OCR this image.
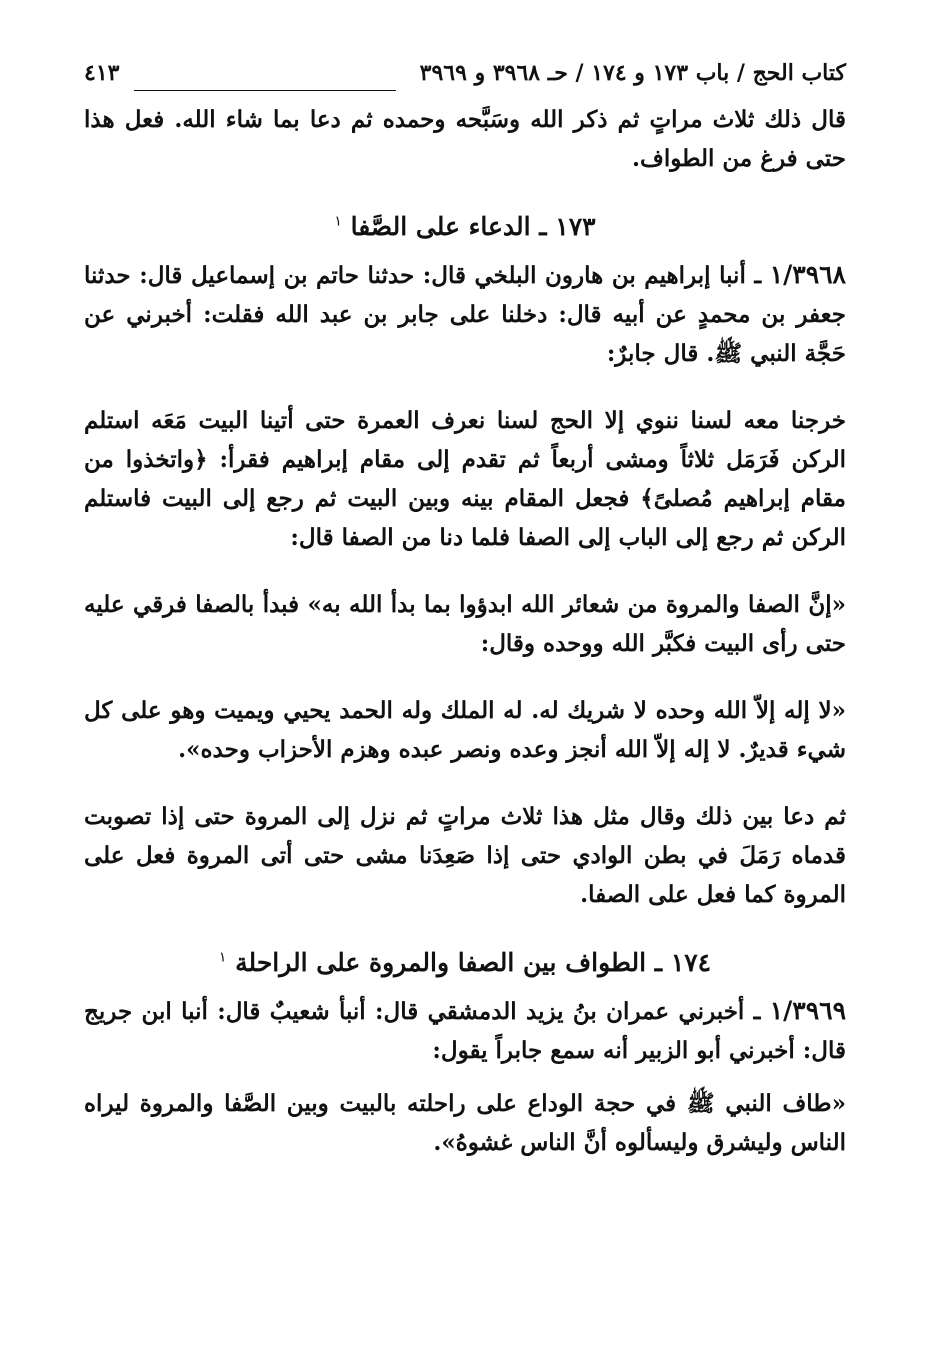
كتاب الحج / باب ١٧٣ و ١٧٤ / حـ ٣٩٦٨ و ٣٩٦٩
٤١٣

قال ذلك ثلاث مراتٍ ثم ذكر الله وسَبَّحه وحمده ثم دعا بما شاء الله. فعل هذا حتى فرغ من الطواف.

١٧٣ ـ الدعاء على الصَّفا $^١$

١/٣٩٦٨ ـ أنبا إبراهيم بن هارون البلخي قال: حدثنا حاتم بن إسماعيل قال: حدثنا جعفر بن محمدٍ عن أبيه قال: دخلنا على جابر بن عبد الله فقلت: أخبرني عن حَجَّة النبي ﷺ. قال جابرٌ:

خرجنا معه لسنا ننوي إلا الحج لسنا نعرف العمرة حتى أتينا البيت مَعَه استلم الركن فَرَمَل ثلاثاً ومشى أربعاً ثم تقدم إلى مقام إبراهيم فقرأ: ﴿واتخذوا من مقام إبراهيم مُصلىً﴾ فجعل المقام بينه وبين البيت ثم رجع إلى البيت فاستلم الركن ثم رجع إلى الباب إلى الصفا فلما دنا من الصفا قال:

«إنَّ الصفا والمروة من شعائر الله ابدؤوا بما بدأ الله به» فبدأ بالصفا فرقي عليه حتى رأى البيت فكبَّر الله ووحده وقال:

«لا إله إلاّ الله وحده لا شريك له. له الملك وله الحمد يحيي ويميت وهو على كل شيء قديرٌ. لا إله إلاّ الله أنجز وعده ونصر عبده وهزم الأحزاب وحده».

ثم دعا بين ذلك وقال مثل هذا ثلاث مراتٍ ثم نزل إلى المروة حتى إذا تصوبت قدماه رَمَلَ في بطن الوادي حتى إذا صَعِدَنا مشى حتى أتى المروة فعل على المروة كما فعل على الصفا.

١٧٤ ـ الطواف بين الصفا والمروة على الراحلة $^١$

١/٣٩٦٩ ـ أخبرني عمران بنُ يزيد الدمشقي قال: أنبأ شعيبٌ قال: أنبا ابن جريج قال: أخبرني أبو الزبير أنه سمع جابراً يقول:

«طاف النبي ﷺ في حجة الوداع على راحلته بالبيت وبين الصَّفا والمروة ليراه الناس وليشرق وليسألوه أنَّ الناس غشوهُ».
